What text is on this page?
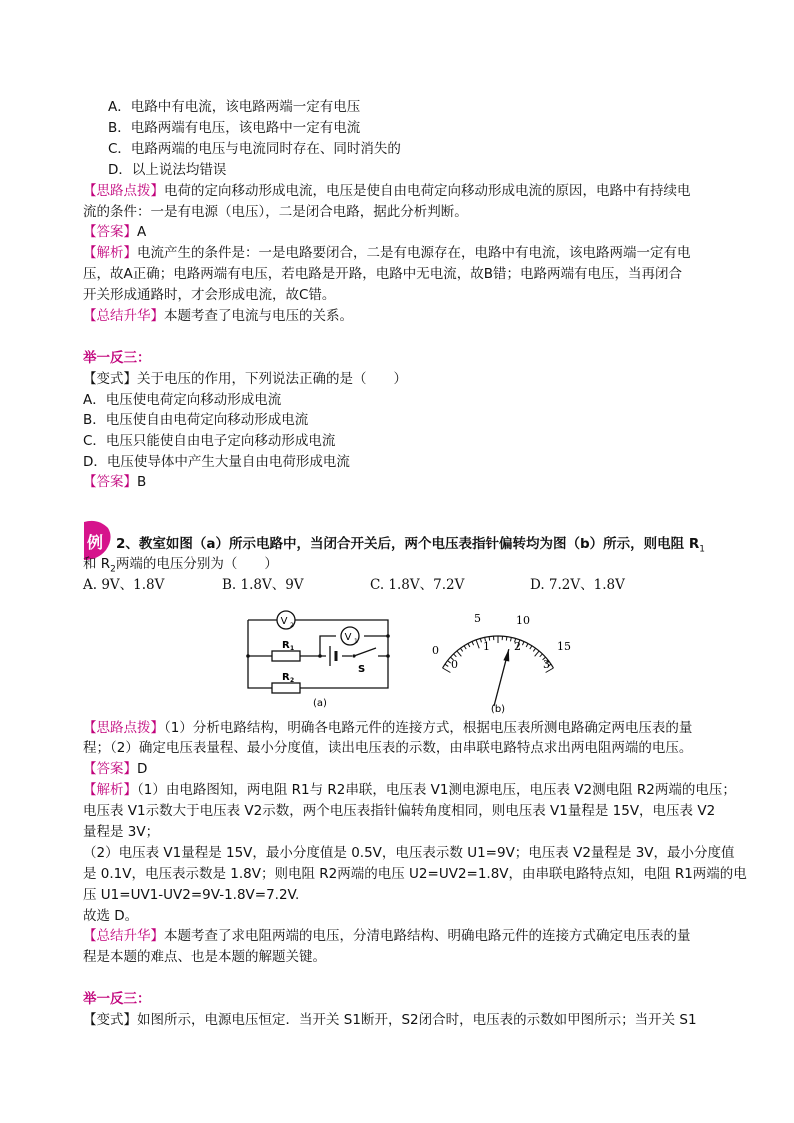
A．电路中有电流，该电路两端一定有电压
B．电路两端有电压，该电路中一定有电流
C．电路两端的电压与电流同时存在、同时消失的
D．以上说法均错误
【思路点拨】电荷的定向移动形成电流，电压是使自由电荷定向移动形成电流的原因，电路中有持续电
流的条件：一是有电源（电压），二是闭合电路，据此分析判断。
【答案】A
【解析】电流产生的条件是：一是电路要闭合，二是有电源存在，电路中有电流，该电路两端一定有电
压，故A正确；电路两端有电压，若电路是开路，电路中无电流，故B错；电路两端有电压，当再闭合
开关形成通路时，才会形成电流，故C错。
【总结升华】本题考查了电流与电压的关系。
举一反三：
【变式】关于电压的作用，下列说法正确的是（　　）
A．电压使电荷定向移动形成电流
B．电压使自由电荷定向移动形成电流
C．电压只能使自由电子定向移动形成电流
D．电压使导体中产生大量自由电荷形成电流
【答案】B
例 2、教室如图（a）所示电路中，当闭合开关后，两个电压表指针偏转均为图（b）所示，则电阻 $R_1$
和 $R_2$两端的电压分别为（　　）
A. 9V、1.8V	B. 1.8V、9V	C. 1.8V、7.2V	D. 7.2V、1.8V
V 2
V 1
R 1
S
R 2
(a)
0
5	10
15
0
1 2
3
(b)
【思路点拨】（1）分析电路结构，明确各电路元件的连接方式，根据电压表所测电路确定两电压表的量
程；（2）确定电压表量程、最小分度值，读出电压表的示数，由串联电路特点求出两电阻两端的电压。
【答案】D
【解析】（1）由电路图知，两电阻 R1与 R2串联，电压表 V1测电源电压，电压表 V2测电阻 R2两端的电压；
电压表 V1示数大于电压表 V2示数，两个电压表指针偏转角度相同，则电压表 V1量程是 15V，电压表 V2
量程是 3V；
（2）电压表 V1量程是 15V，最小分度值是 0.5V，电压表示数 U1=9V；电压表 V2量程是 3V，最小分度值
是 0.1V，电压表示数是 1.8V；则电阻 R2两端的电压 U2=UV2=1.8V，由串联电路特点知，电阻 R1两端的电
压 U1=UV1-UV2=9V-1.8V=7.2V.
故选 D。
【总结升华】本题考查了求电阻两端的电压，分清电路结构、明确电路元件的连接方式确定电压表的量
程是本题的难点、也是本题的解题关键。
举一反三：
【变式】如图所示，电源电压恒定．当开关 S1断开，S2闭合时，电压表的示数如甲图所示；当开关 S1
